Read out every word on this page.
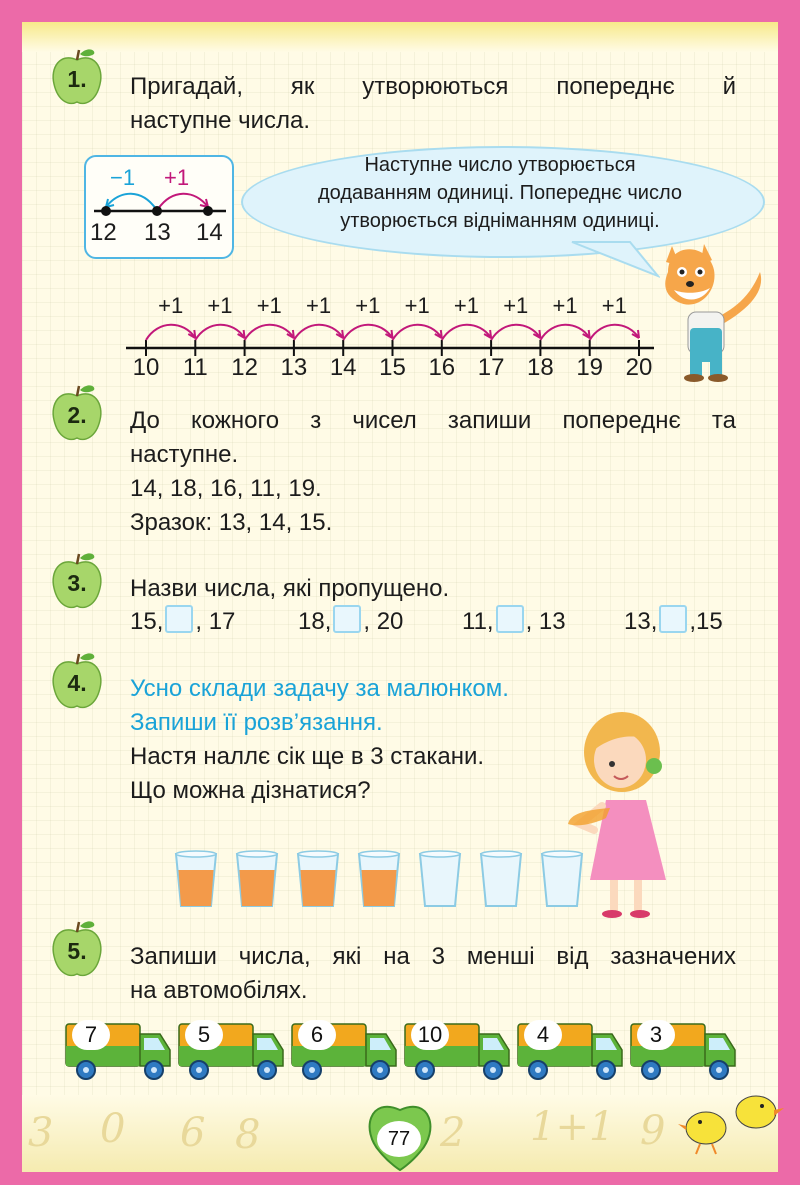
3 0 6 8	2 1+1 9
1.	Пригадай, як утворюються попереднє й
наступне числа.
−1 +1
12 13 14
Наступне число утворюється
додаванням одиниці. Попереднє число
утворюється відніманням одиниці.
2.	До кожного з чисел запиши попереднє та
наступне.
14, 18, 16, 11, 19.
Зразок: 13, 14, 15.
3.	Назви числа, які пропущено.
15, , 17	18, , 20 11, , 13 13, ,15
4.	Усно склади задачу за малюнком.
Запиши її розв’язання.
Настя наллє сік ще в 3 стакани.
Що можна дізнатися?
5.	Запиши числа, які на 3 менші від зазначених
на автомобілях.
7	5	6	10	4	3
77
10
+1
11
+1
12
+1
13
+1
14
+1
15
+1
16
+1
17
+1
18
+1
19
+1
20
